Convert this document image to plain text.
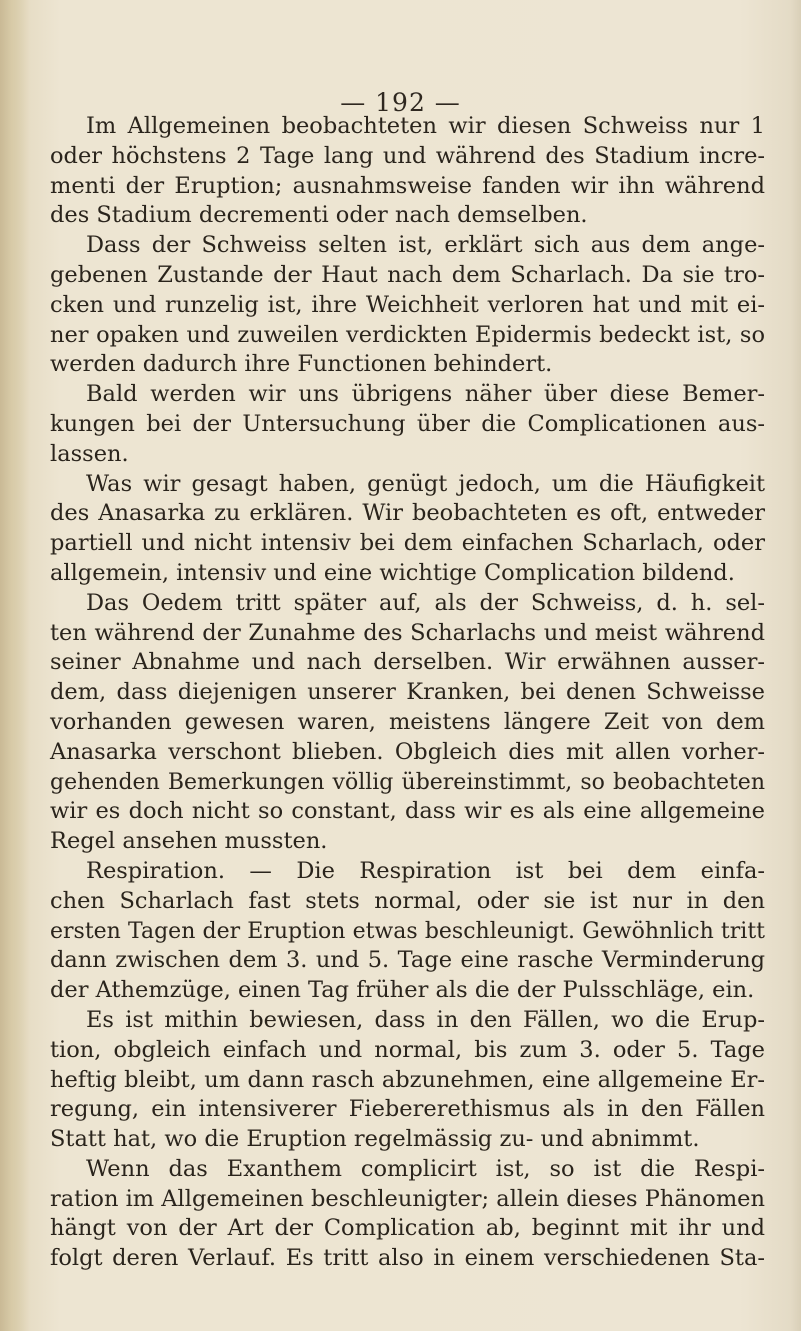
— 192 —
Im Allgemeinen beobachteten wir diesen Schweiss nur 1
oder höchstens 2 Tage lang und während des Stadium incre-
menti der Eruption; ausnahmsweise fanden wir ihn während
des Stadium decrementi oder nach demselben.
Dass der Schweiss selten ist, erklärt sich aus dem ange-
gebenen Zustande der Haut nach dem Scharlach. Da sie tro-
cken und runzelig ist, ihre Weichheit verloren hat und mit ei-
ner opaken und zuweilen verdickten Epidermis bedeckt ist, so
werden dadurch ihre Functionen behindert.
Bald werden wir uns übrigens näher über diese Bemer-
kungen bei der Untersuchung über die Complicationen aus-
lassen.
Was wir gesagt haben, genügt jedoch, um die Häufigkeit
des Anasarka zu erklären. Wir beobachteten es oft, entweder
partiell und nicht intensiv bei dem einfachen Scharlach, oder
allgemein, intensiv und eine wichtige Complication bildend.
Das Oedem tritt später auf, als der Schweiss, d. h. sel-
ten während der Zunahme des Scharlachs und meist während
seiner Abnahme und nach derselben. Wir erwähnen ausser-
dem, dass diejenigen unserer Kranken, bei denen Schweisse
vorhanden gewesen waren, meistens längere Zeit von dem
Anasarka verschont blieben. Obgleich dies mit allen vorher-
gehenden Bemerkungen völlig übereinstimmt, so beobachteten
wir es doch nicht so constant, dass wir es als eine allgemeine
Regel ansehen mussten.
Respiration. — Die Respiration ist bei dem einfa-
chen Scharlach fast stets normal, oder sie ist nur in den
ersten Tagen der Eruption etwas beschleunigt. Gewöhnlich tritt
dann zwischen dem 3. und 5. Tage eine rasche Verminderung
der Athemzüge, einen Tag früher als die der Pulsschläge, ein.
Es ist mithin bewiesen, dass in den Fällen, wo die Erup-
tion, obgleich einfach und normal, bis zum 3. oder 5. Tage
heftig bleibt, um dann rasch abzunehmen, eine allgemeine Er-
regung, ein intensiverer Fiebererethismus als in den Fällen
Statt hat, wo die Eruption regelmässig zu- und abnimmt.
Wenn das Exanthem complicirt ist, so ist die Respi-
ration im Allgemeinen beschleunigter; allein dieses Phänomen
hängt von der Art der Complication ab, beginnt mit ihr und
folgt deren Verlauf. Es tritt also in einem verschiedenen Sta-
